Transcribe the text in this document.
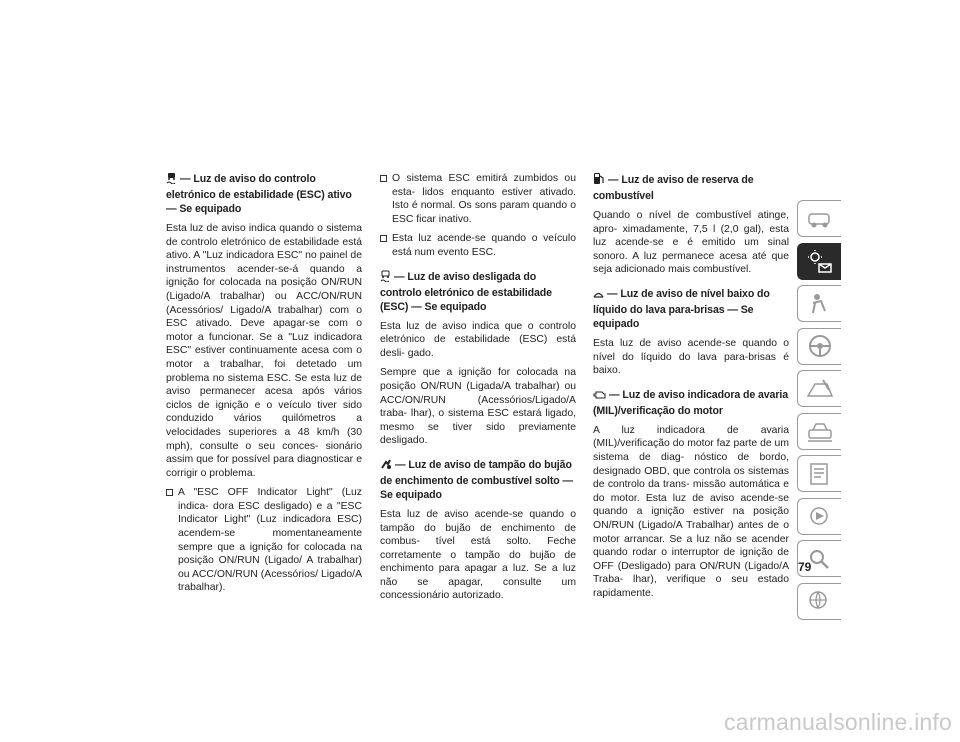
— Luz de aviso do controlo eletrónico de estabilidade (ESC) ativo — Se equipado

Esta luz de aviso indica quando o sistema de controlo eletrónico de estabilidade está ativo. A "Luz indicadora ESC" no painel de instrumentos acender-se-á quando a ignição for colocada na posição ON/RUN (Ligado/A trabalhar) ou ACC/ON/RUN (Acessórios/ Ligado/A trabalhar) com o ESC ativado. Deve apagar-se com o motor a funcionar. Se a "Luz indicadora ESC" estiver continuamente acesa com o motor a trabalhar, foi detetado um problema no sistema ESC. Se esta luz de aviso permanecer acesa após vários ciclos de ignição e o veículo tiver sido conduzido vários quilómetros a velocidades superiores a 48 km/h (30 mph), consulte o seu conces- sionário assim que for possível para diagnosticar e corrigir o problema.

A "ESC OFF Indicator Light" (Luz indica- dora ESC desligado) e a "ESC Indicator Light" (Luz indicadora ESC) acendem-se momentaneamente sempre que a ignição for colocada na posição ON/RUN (Ligado/ A trabalhar) ou ACC/ON/RUN (Acessórios/ Ligado/A trabalhar).
O sistema ESC emitirá zumbidos ou esta- lidos enquanto estiver ativado. Isto é normal. Os sons param quando o ESC ficar inativo.
Esta luz acende-se quando o veículo está num evento ESC.
— Luz de aviso desligada do controlo eletrónico de estabilidade (ESC) — Se equipado

Esta luz de aviso indica que o controlo eletrónico de estabilidade (ESC) está desli- gado.

Sempre que a ignição for colocada na posição ON/RUN (Ligada/A trabalhar) ou ACC/ON/RUN (Acessórios/Ligado/A traba- lhar), o sistema ESC estará ligado, mesmo se tiver sido previamente desligado.

— Luz de aviso de tampão do bujão de enchimento de combustível solto — Se equipado

Esta luz de aviso acende-se quando o tampão do bujão de enchimento de combus- tível está solto. Feche corretamente o tampão do bujão de enchimento para apagar a luz. Se a luz não se apagar, consulte um concessionário autorizado.

— Luz de aviso de reserva de combustível

Quando o nível de combustível atinge, apro- ximadamente, 7,5 l (2,0 gal), esta luz acende-se e é emitido um sinal sonoro. A luz permanece acesa até que seja adicionado mais combustível.

— Luz de aviso de nível baixo do líquido do lava para-brisas — Se equipado

Esta luz de aviso acende-se quando o nível do líquido do lava para-brisas é baixo.

— Luz de aviso indicadora de avaria (MIL)/verificação do motor

A luz indicadora de avaria (MIL)/verificação do motor faz parte de um sistema de diag- nóstico de bordo, designado OBD, que controla os sistemas de controlo da trans- missão automática e do motor. Esta luz de aviso acende-se quando a ignição estiver na posição ON/RUN (Ligado/A Trabalhar) antes de o motor arrancar. Se a luz não se acender quando rodar o interruptor de ignição de OFF (Desligado) para ON/RUN (Ligado/A Traba- lhar), verifique o seu estado rapidamente.

79
carmanualsonline.info
